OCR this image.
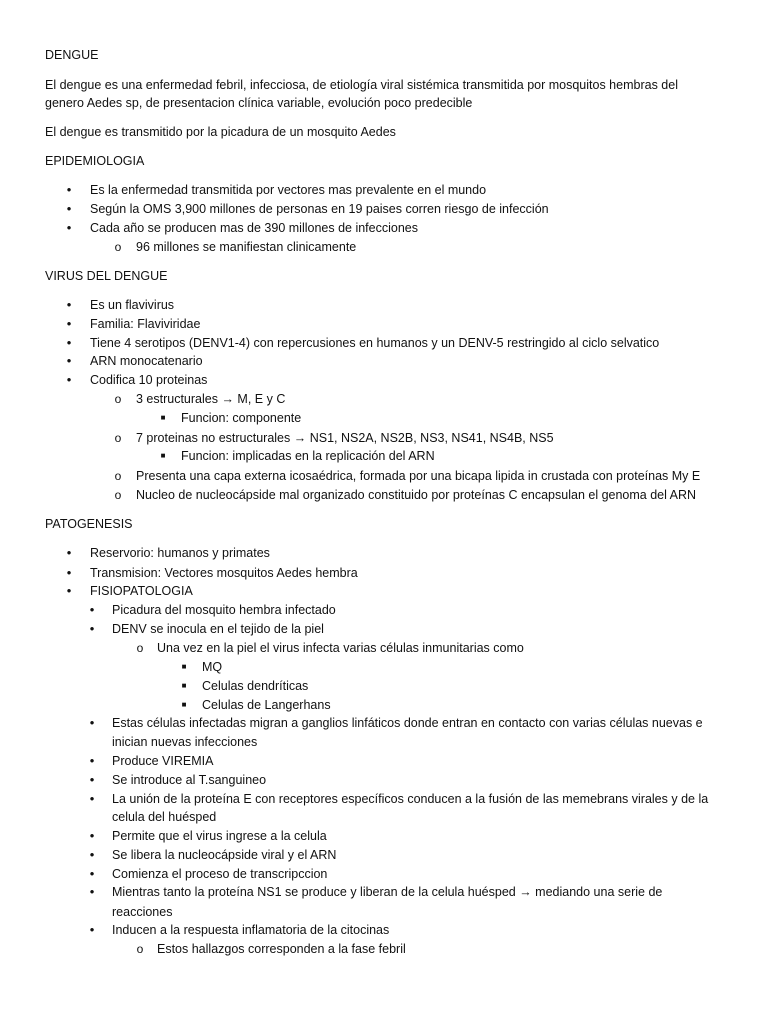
DENGUE
El dengue es una enfermedad febril, infecciosa, de etiología viral sistémica transmitida por mosquitos hembras del
genero Aedes sp, de presentacion clínica variable, evolución poco predecible
El dengue es transmitido por la picadura de un mosquito Aedes
EPIDEMIOLOGIA
• Es la enfermedad transmitida por vectores mas prevalente en el mundo
• Según la OMS 3,900 millones de personas en 19 paises corren riesgo de infección
• Cada año se producen mas de 390 millones de infecciones
o 96 millones se manifiestan clinicamente
VIRUS DEL DENGUE
• Es un flavivirus
• Familia: Flaviviridae
• Tiene 4 serotipos (DENV1-4) con repercusiones en humanos y un DENV-5 restringido al ciclo selvatico
• ARN monocatenario
• Codifica 10 proteinas
o 3 estructurales → M, E y C
■ Funcion: componente
o 7 proteinas no estructurales → NS1, NS2A, NS2B, NS3, NS41, NS4B, NS5
■ Funcion: implicadas en la replicación del ARN
o Presenta una capa externa icosaédrica, formada por una bicapa lipida in crustada con proteínas My E
o Nucleo de nucleocápside mal organizado constituido por proteínas C encapsulan el genoma del ARN
PATOGENESIS
• Reservorio: humanos y primates
• Transmision: Vectores mosquitos Aedes hembra
• FISIOPATOLOGIA
• Picadura del mosquito hembra infectado
• DENV se inocula en el tejido de la piel
o Una vez en la piel el virus infecta varias células inmunitarias como
■ MQ
■ Celulas dendríticas
■ Celulas de Langerhans
• Estas células infectadas migran a ganglios linfáticos donde entran en contacto con varias células nuevas e
inician nuevas infecciones
• Produce VIREMIA
• Se introduce al T.sanguineo
• La unión de la proteína E con receptores específicos conducen a la fusión de las memebrans virales y de la
celula del huésped
• Permite que el virus ingrese a la celula
• Se libera la nucleocápside viral y el ARN
• Comienza el proceso de transcripccion
• Mientras tanto la proteína NS1 se produce y liberan de la celula huésped → mediando una serie de
reacciones
• Inducen a la respuesta inflamatoria de la citocinas
o Estos hallazgos corresponden a la fase febril
